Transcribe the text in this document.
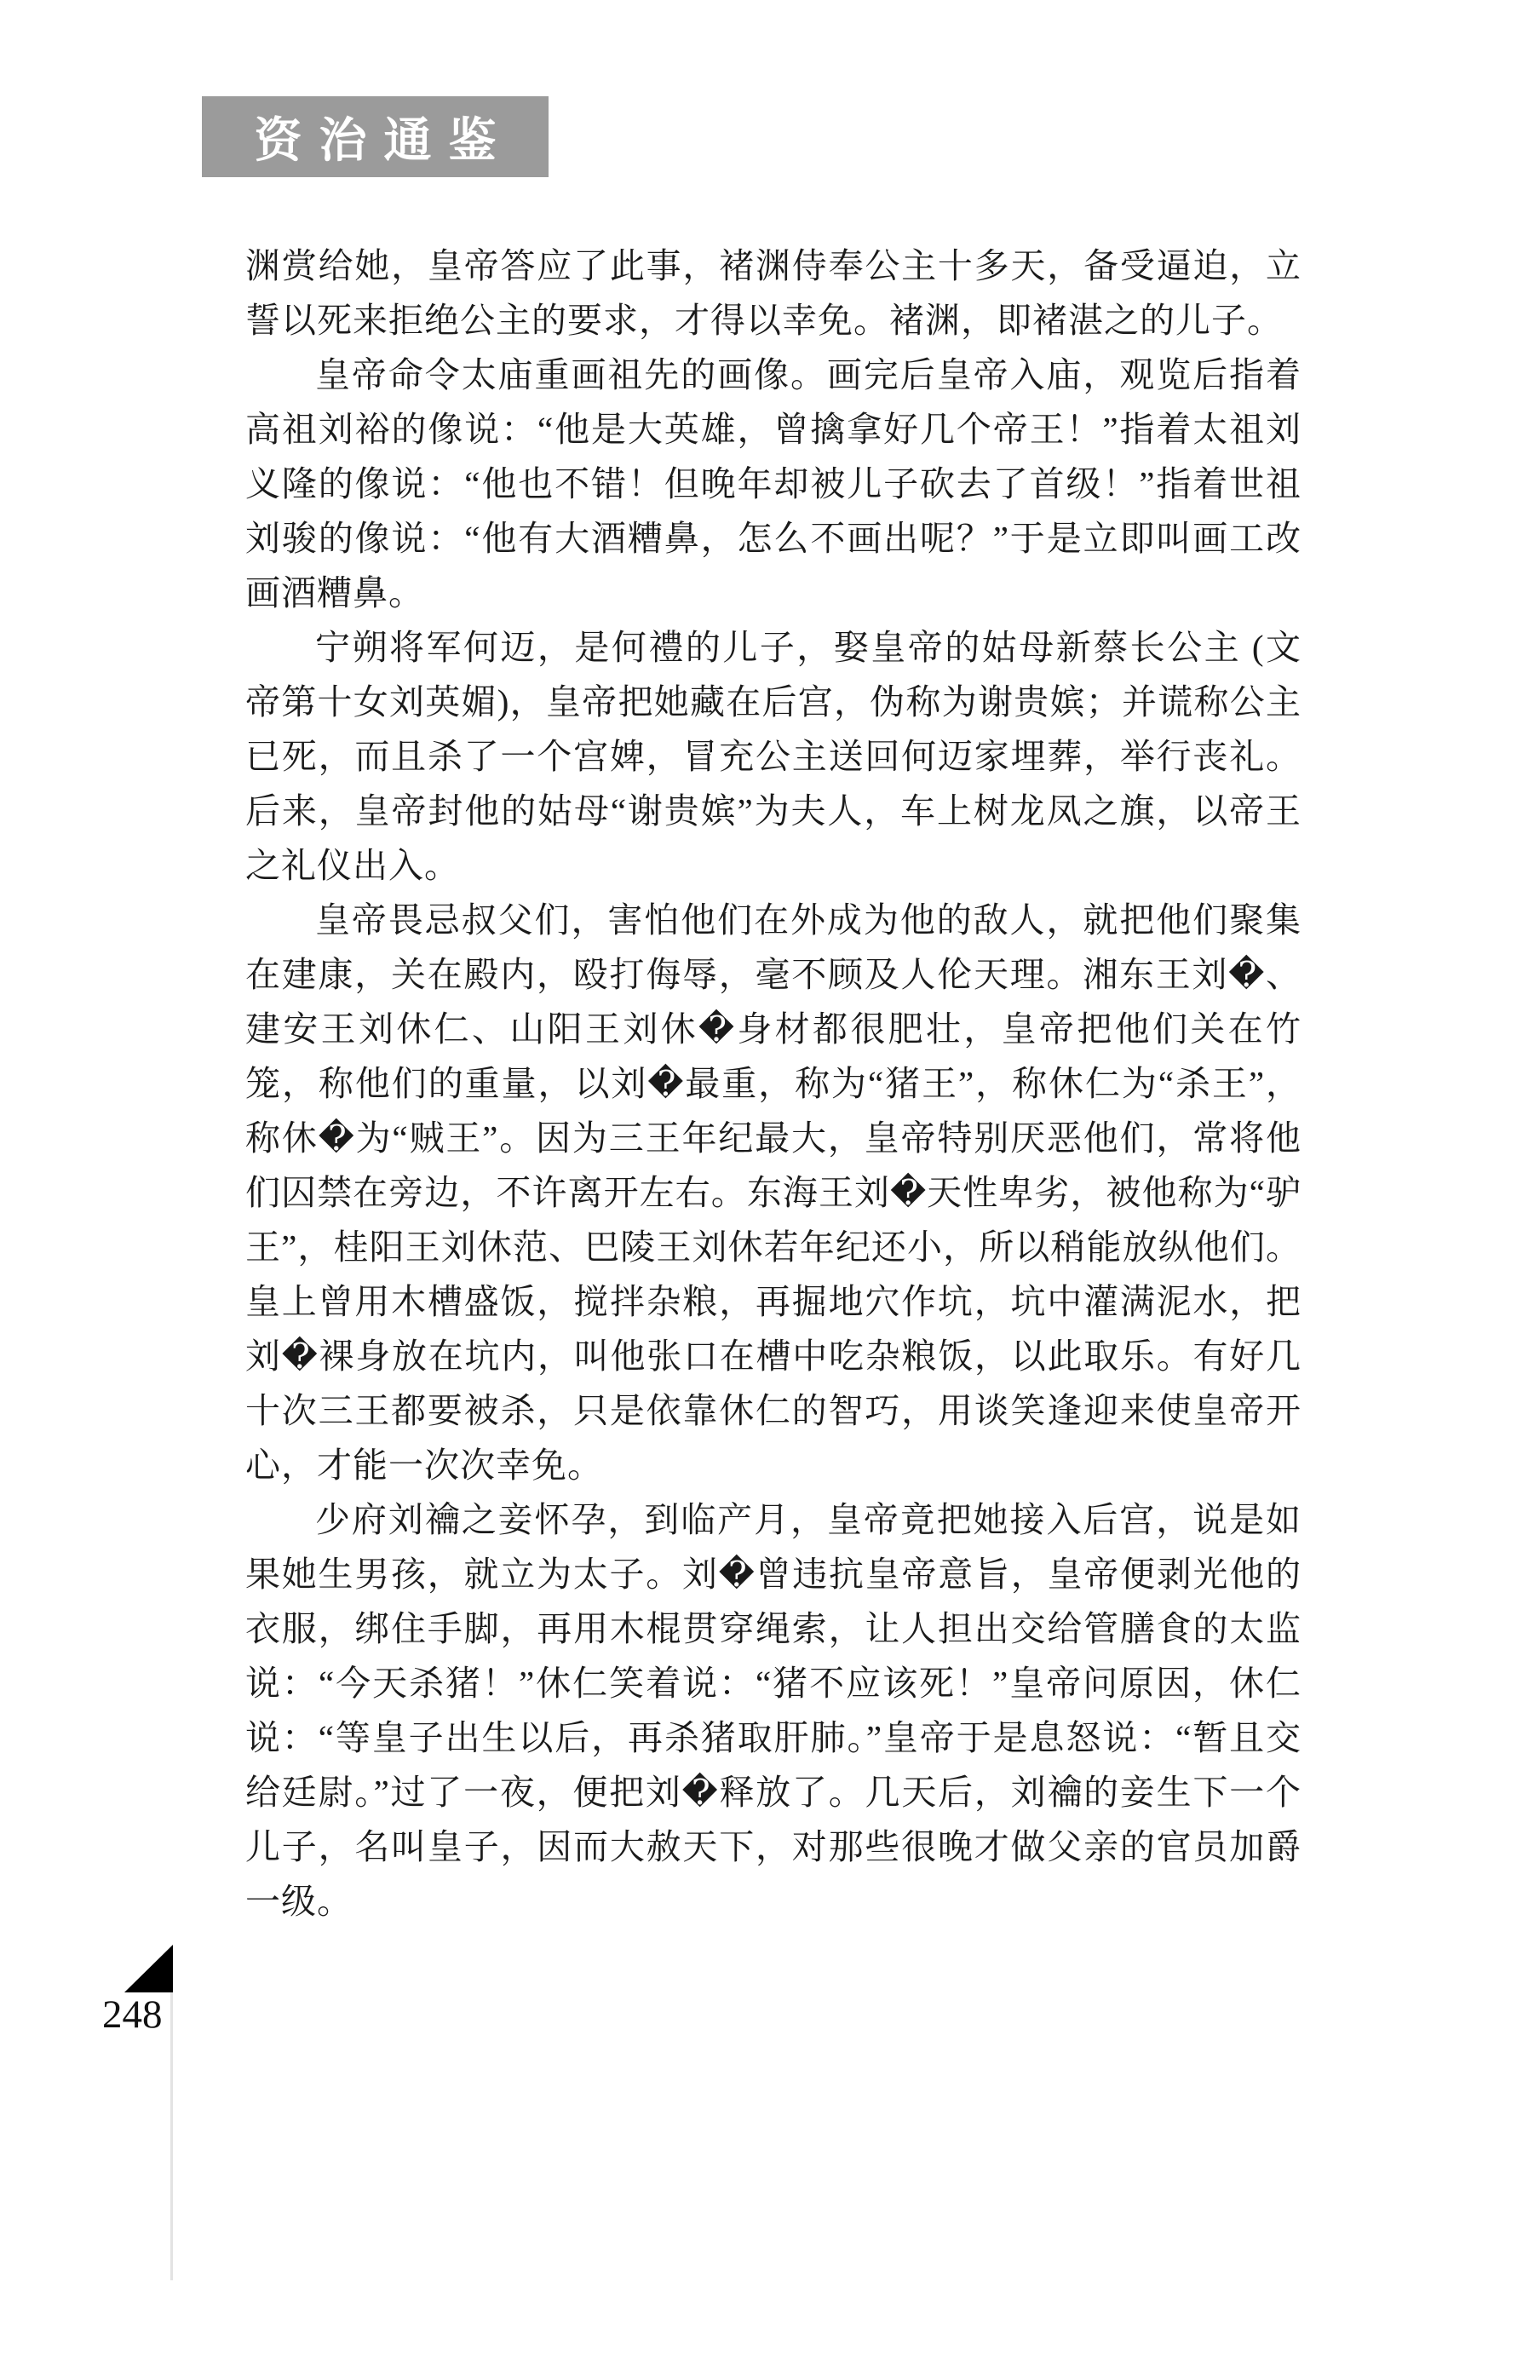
资治通鉴

渊赏给她，皇帝答应了此事，褚渊侍奉公主十多天，备受逼迫，立誓以死来拒绝公主的要求，才得以幸免。褚渊，即褚湛之的儿子。

皇帝命令太庙重画祖先的画像。画完后皇帝入庙，观览后指着高祖刘裕的像说：“他是大英雄，曾擒拿好几个帝王！”指着太祖刘义隆的像说：“他也不错！但晚年却被儿子砍去了首级！”指着世祖刘骏的像说：“他有大酒糟鼻，怎么不画出呢？”于是立即叫画工改画酒糟鼻。

宁朔将军何迈，是何禮的儿子，娶皇帝的姑母新蔡长公主 (文帝第十女刘英媚)，皇帝把她藏在后宫，伪称为谢贵嫔；并谎称公主已死，而且杀了一个宫婢，冒充公主送回何迈家埋葬，举行丧礼。后来，皇帝封他的姑母“谢贵嫔”为夫人，车上树龙凤之旗，以帝王之礼仪出入。

皇帝畏忌叔父们，害怕他们在外成为他的敌人，就把他们聚集在建康，关在殿内，殴打侮辱，毫不顾及人伦天理。湘东王刘�、建安王刘休仁、山阳王刘休�身材都很肥壮，皇帝把他们关在竹笼，称他们的重量，以刘�最重，称为“猪王”，称休仁为“杀王”，称休�为“贼王”。因为三王年纪最大，皇帝特别厌恶他们，常将他们囚禁在旁边，不许离开左右。东海王刘�天性卑劣，被他称为“驴王”，桂阳王刘休范、巴陵王刘休若年纪还小，所以稍能放纵他们。皇上曾用木槽盛饭，搅拌杂粮，再掘地穴作坑，坑中灌满泥水，把刘�裸身放在坑内，叫他张口在槽中吃杂粮饭，以此取乐。有好几十次三王都要被杀，只是依靠休仁的智巧，用谈笑逢迎来使皇帝开心，才能一次次幸免。

少府刘禴之妾怀孕，到临产月，皇帝竟把她接入后宫，说是如果她生男孩，就立为太子。刘�曾违抗皇帝意旨，皇帝便剥光他的衣服，绑住手脚，再用木棍贯穿绳索，让人担出交给管膳食的太监说：“今天杀猪！”休仁笑着说：“猪不应该死！”皇帝问原因，休仁说：“等皇子出生以后，再杀猪取肝肺。”皇帝于是息怒说：“暂且交给廷尉。”过了一夜，便把刘�释放了。几天后，刘禴的妾生下一个儿子，名叫皇子，因而大赦天下，对那些很晚才做父亲的官员加爵一级。

248
